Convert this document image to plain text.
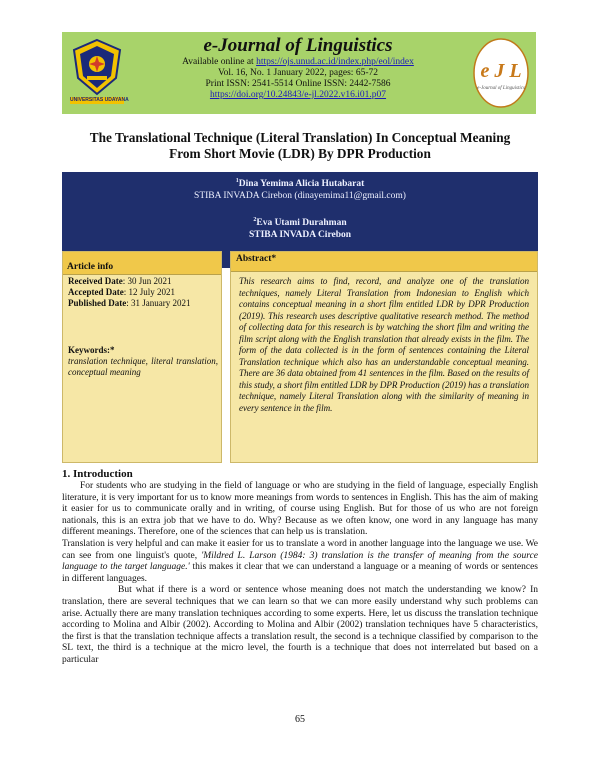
UNIVERSITAS UDAYANA
e-Journal of Linguistics
Available online at https://ojs.unud.ac.id/index.php/eol/index
Vol. 16, No. 1 January 2022, pages: 65-72
Print ISSN: 2541-5514 Online ISSN: 2442-7586
https://doi.org/10.24843/e-jl.2022.v16.i01.p07
e J L
e-Journal of Linguistics
The Translational Technique (Literal Translation) In Conceptual Meaning
From Short Movie (LDR) By DPR Production
$^1$Dina Yemima Alicia Hutabarat
STIBA INVADA Cirebon (dinayemima11@gmail.com)
$^2$Eva Utami Durahman
STIBA INVADA Cirebon
Article info
Received Date: 30 Jun 2021
Accepted Date: 12 July 2021
Published Date: 31 January 2021
Keywords:*
translation technique, literal translation, conceptual meaning
Abstract*
This research aims to find, record, and analyze one of the translation techniques, namely Literal Translation from Indonesian to English which contains conceptual meaning in a short film entitled LDR by DPR Production (2019). This research uses descriptive qualitative research method. The method of collecting data for this research is by watching the short film and writing the film script along with the English translation that already exists in the film. The form of the data collected is in the form of sentences containing the Literal Translation technique which also has an understandable conceptual meaning. There are 36 data obtained from 41 sentences in the film. Based on the results of this study, a short film entitled LDR by DPR Production (2019) has a translation technique, namely Literal Translation along with the similarity of meaning in every sentence in the film.
1. Introduction

For students who are studying in the field of language or who are studying in the field of language, especially English literature, it is very important for us to know more meanings from words to sentences in English. This has the aim of making it easier for us to communicate orally and in writing, of course using English. But for those of us who are not foreign nationals, this is an extra job that we have to do. Why? Because as we often know, one word in any language has many different meanings. Therefore, one of the sciences that can help us is translation.

Translation is very helpful and can make it easier for us to translate a word in another language into the language we use. We can see from one linguist's quote, 'Mildred L. Larson (1984: 3) translation is the transfer of meaning from the source language to the target language.' this makes it clear that we can understand a language or a meaning of words or sentences in different languages.

But what if there is a word or sentence whose meaning does not match the understanding we know? In translation, there are several techniques that we can learn so that we can more easily understand why such problems can arise. Actually there are many translation techniques according to some experts. Here, let us discuss the translation technique according to Molina and Albir (2002). According to Molina and Albir (2002) translation techniques have 5 characteristics, the first is that the translation technique affects a translation result, the second is a technique classified by comparison to the SL text, the third is a technique at the micro level, the fourth is a technique that does not interrelated but based on a particular

65
